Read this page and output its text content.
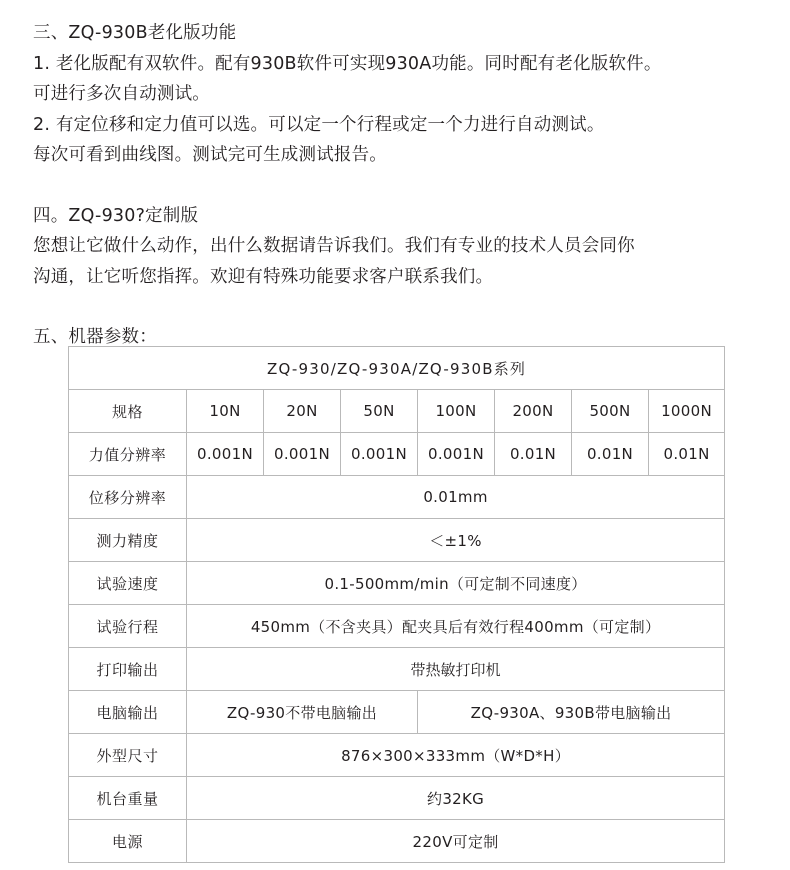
三、ZQ-930B老化版功能

1. 老化版配有双软件。配有930B软件可实现930A功能。同时配有老化版软件。

可进行多次自动测试。

2. 有定位移和定力值可以选。可以定一个行程或定一个力进行自动测试。

每次可看到曲线图。测试完可生成测试报告。

四。ZQ-930?定制版

您想让它做什么动作，出什么数据请告诉我们。我们有专业的技术人员会同你

沟通，让它听您指挥。欢迎有特殊功能要求客户联系我们。

五、机器参数：

ZQ-930/ZQ-930A/ZQ-930B系列							
规格	10N	20N	50N	100N	200N	500N	1000N
力值分辨率	0.001N	0.001N	0.001N	0.001N	0.01N	0.01N	0.01N
位移分辨率	0.01mm						
测力精度	＜±1%						
试验速度	0.1-500mm/min（可定制不同速度）						
试验行程	450mm（不含夹具）配夹具后有效行程400mm（可定制）						
打印输出	带热敏打印机						
电脑输出	ZQ-930不带电脑输出			ZQ-930A、930B带电脑输出			
外型尺寸	876×300×333mm（W*D*H）						
机台重量	约32KG						
电源	220V可定制						
